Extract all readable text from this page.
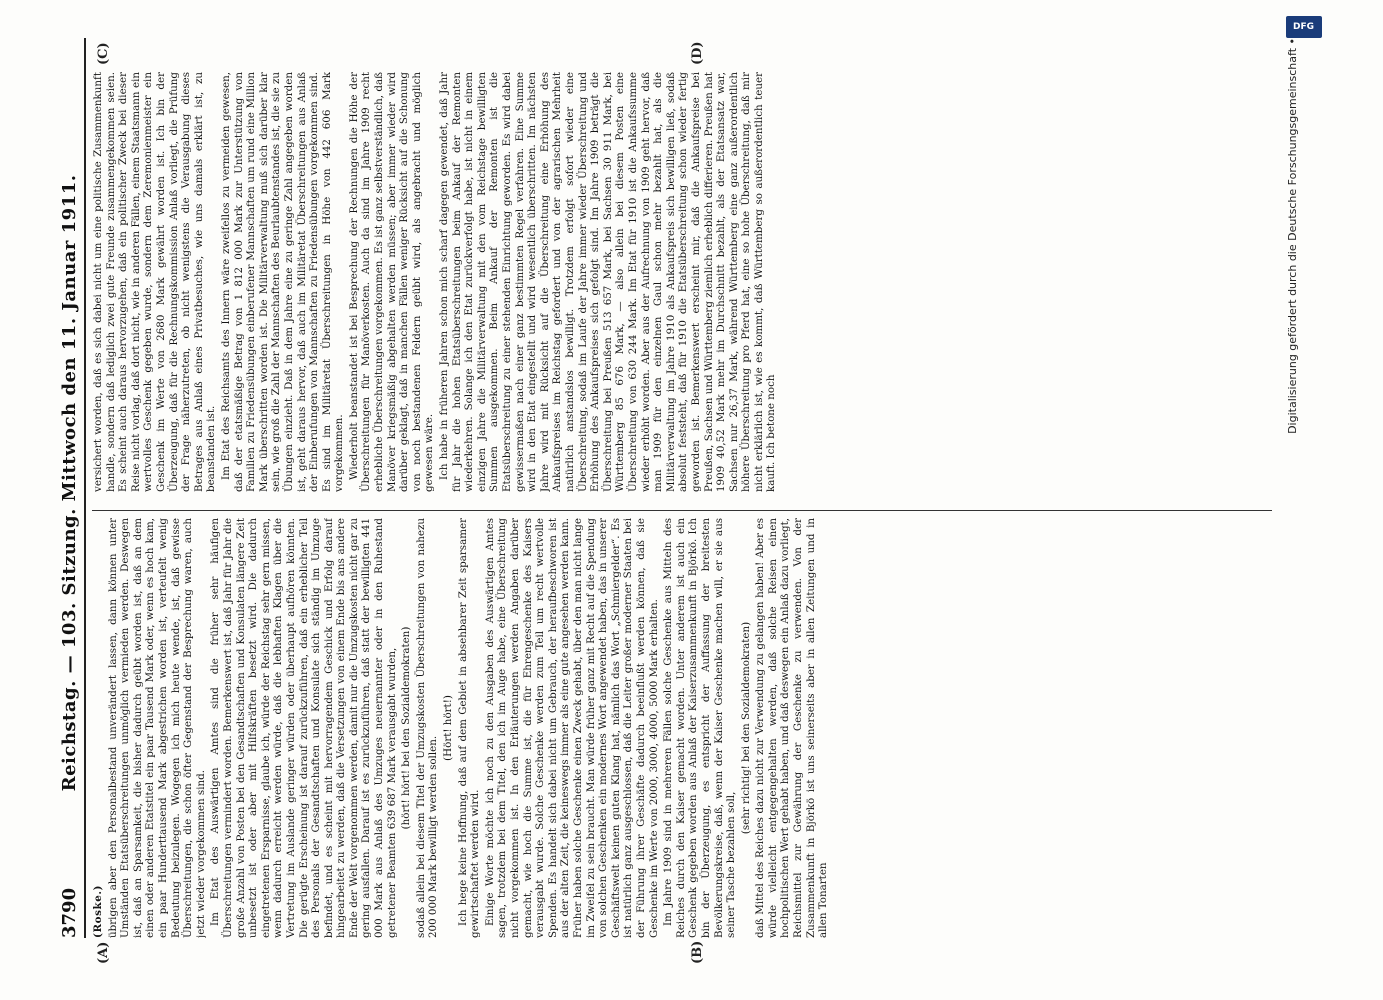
3790
Reichstag. — 103. Sitzung. Mittwoch den 11. Januar 1911.
(A)	(B)
(C)	(D)

(Roske.) übrigen aber den Personalbestand unverändert lassen, dann können unter Umständen Etatsüberschreitungen unmöglich vermieden werden. Deswegen ist, daß an Sparsamkeit, die bisher dadurch geübt worden ist, daß an dem einen oder anderen Etatstitel ein paar Tausend Mark oder, wenn es hoch kam, ein paar Hunderttausend Mark abgestrichen worden ist, verteufelt wenig Bedeutung beizulegen. Wogegen ich mich heute wende, ist, daß gewisse Überschreitungen, die schon öfter Gegenstand der Besprechung waren, auch jetzt wieder vorgekommen sind. Im Etat des Auswärtigen Amtes sind die früher sehr häufigen Überschreitungen vermindert worden. Bemerkenswert ist, daß Jahr für Jahr die große Anzahl von Posten bei den Gesandtschaften und Konsulaten längere Zeit unbesetzt ist oder aber mit Hilfskräften besetzt wird. Die dadurch eingetretenen Ersparnisse, glaube ich, würde der Reichstag sehr gern missen, wenn dadurch erreicht werden würde, daß die lebhaften Klagen über die Vertretung im Auslande geringer würden oder überhaupt aufhören könnten. Die gerügte Erscheinung ist darauf zurückzuführen, daß ein erheblicher Teil des Personals der Gesandtschaften und Konsulate sich ständig im Umzuge befindet, und es scheint mit hervorragendem Geschick und Erfolg darauf hingearbeitet zu werden, daß die Versetzungen von einem Ende bis ans andere Ende der Welt vorgenommen werden, damit nur die Umzugskosten nicht gar zu gering ausfallen. Darauf ist es zurückzuführen, daß statt der bewilligten 441 000 Mark aus Anlaß des Umzuges neuernannter oder in den Ruhestand getretener Beamten 639 687 Mark verausgabt wurden, (hört! hört! bei den Sozialdemokraten) sodaß allein bei diesem Titel der Umzugskosten Überschreitungen von nahezu 200 000 Mark bewilligt werden sollen.

(Hört! hört!) Ich hege keine Hoffnung, daß auf dem Gebiet in absehbarer Zeit sparsamer gewirtschaftet werden wird. Einige Worte möchte ich noch zu den Ausgaben des Auswärtigen Amtes sagen, trotzdem bei dem Titel, den ich im Auge habe, eine Überschreitung nicht vorgekommen ist. In den Erläuterungen werden Angaben darüber gemacht, wie hoch die Summe ist, die für Ehrengeschenke des Kaisers verausgabt wurde. Solche Geschenke werden zum Teil um recht wertvolle Spenden. Es handelt sich dabei nicht um Gebrauch, der heraufbeschworen ist aus der alten Zeit, die keineswegs immer als eine gute angesehen werden kann. Früher haben solche Geschenke einen Zweck gehabt, über den man nicht lange im Zweifel zu sein braucht. Man würde früher ganz mit Recht auf die Spendung von solchen Geschenken ein modernes Wort angewendet haben, das in unserer Geschäftswelt keinen guten Klang hat, nämlich das Wort „Schmiergelder“. Es ist natürlich ganz ausgeschlossen, daß die Leiter großer moderner Staaten bei der Führung ihrer Geschäfte dadurch beeinflußt werden können, daß sie Geschenke im Werte von 2000, 3000, 4000, 5000 Mark erhalten. Im Jahre 1909 sind in mehreren Fällen solche Geschenke aus Mitteln des Reiches durch den Kaiser gemacht worden. Unter anderem ist auch ein Geschenk gegeben worden aus Anlaß der Kaiserzusammenkunft in Björkö. Ich bin der Überzeugung, es entspricht der Auffassung der breitesten Bevölkerungskreise, daß, wenn der Kaiser Geschenke machen will, er sie aus seiner Tasche bezahlen soll,

(sehr richtig! bei den Sozialdemokraten) daß Mittel des Reiches dazu nicht zur Verwendung zu gelangen haben! Aber es würde vielleicht entgegengehalten werden, daß solche Reisen einen hochpolitischen Wert gehabt haben, und daß deswegen ein Anlaß dazu vorliegt, Reichsmittel zur Gewährung der Geschenke zu verwenden. Von der Zusammenkunft in Björkö ist uns seinerseits aber in allen Zeitungen und in allen Tonarten

versichert worden, daß es sich dabei nicht um eine politische Zusammenkunft handle, sondern daß lediglich zwei gute Freunde zusammengekommen seien. Es scheint auch daraus hervorzugehen, daß ein politischer Zweck bei dieser Reise nicht vorlag, daß dort nicht, wie in anderen Fällen, einem Staatsmann ein wertvolles Geschenk gegeben wurde, sondern dem Zeremonienmeister ein Geschenk im Werte von 2680 Mark gewährt worden ist. Ich bin der Überzeugung, daß für die Rechnungskommission Anlaß vorliegt, die Prüfung der Frage näherzutreten, ob nicht wenigstens die Verausgabung dieses Betrages aus Anlaß eines Privatbesuches, wie uns damals erklärt ist, zu beanstanden ist. Im Etat des Reichsamts des Innern wäre zweifellos zu vermeiden gewesen, daß der etatsmäßige Betrag von 1 812 000 Mark zur Unterstützung von Familien zu Friedensübungen einberufener Mannschaften um rund eine Million Mark überschritten worden ist. Die Militärverwaltung muß sich darüber klar sein, wie groß die Zahl der Mannschaften des Beurlaubtenstandes ist, die sie zu Übungen einzieht. Daß in dem Jahre eine zu geringe Zahl angegeben worden ist, geht daraus hervor, daß auch im Militäretat Überschreitungen aus Anlaß der Einberufungen von Mannschaften zu Friedensübungen vorgekommen sind. Es sind im Militäretat Überschreitungen in Höhe von 442 606 Mark vorgekommen. Wiederholt beanstandet ist bei Besprechung der Rechnungen die Höhe der Überschreitungen für Manöverkosten. Auch da sind im Jahre 1909 recht erhebliche Überschreitungen vorgekommen. Es ist ganz selbstverständlich, daß Manöver kriegsmäßig abgehalten werden müssen; aber immer wieder wird darüber geklagt, daß in manchen Fällen weniger Rücksicht auf die Schonung von noch bestandenen Feldern geübt wird, als angebracht und möglich gewesen wäre. Ich habe in früheren Jahren schon mich scharf dagegen gewendet, daß Jahr für Jahr die hohen Etatsüberschreitungen beim Ankauf der Remonten wiederkehren. Solange ich den Etat zurückverfolgt habe, ist nicht in einem einzigen Jahre die Militärverwaltung mit den vom Reichstage bewilligten Summen ausgekommen. Beim Ankauf der Remonten ist die Etatsüberschreitung zu einer stehenden Einrichtung geworden. Es wird dabei gewissermaßen nach einer ganz bestimmten Regel verfahren. Eine Summe wird in den Etat eingestellt und wird wesentlich überschritten. Im nächsten Jahre wird mit Rücksicht auf die Überschreitung eine Erhöhung des Ankaufspreises im Reichstag gefordert und von der agrarischen Mehrheit natürlich anstandslos bewilligt. Trotzdem erfolgt sofort wieder eine Überschreitung, sodaß im Laufe der Jahre immer wieder Überschreitung und Erhöhung des Ankaufspreises sich gefolgt sind. Im Jahre 1909 beträgt die Überschreitung bei Preußen 513 657 Mark, bei Sachsen 30 911 Mark, bei Württemberg 85 676 Mark, — also allein bei diesem Posten eine Überschreitung von 630 244 Mark. Im Etat für 1910 ist die Ankaufssumme wieder erhöht worden. Aber aus der Aufrechnung von 1909 geht hervor, daß man 1909 für den einzelnen Gaul schon mehr bezahlt hat, als die Militärverwaltung im Jahre 1910 als Ankaufspreis sich bewilligen ließ, sodaß absolut feststeht, daß für 1910 die Etatsüberschreitung schon wieder fertig geworden ist. Bemerkenswert erscheint mir, daß die Ankaufspreise bei Preußen, Sachsen und Württemberg ziemlich erheblich differieren. Preußen hat 1909 40,52 Mark mehr im Durchschnitt bezahlt, als der Etatsansatz war, Sachsen nur 26,37 Mark, während Württemberg eine ganz außerordentlich höhere Überschreitung pro Pferd hat, eine so hohe Überschreitung, daß mir nicht erklärlich ist, wie es kommt, daß Württemberg so außerordentlich teuer kauft. Ich betone noch	Digitalisierung gefördert durch die Deutsche Forschungsgemeinschaft •
DFG
